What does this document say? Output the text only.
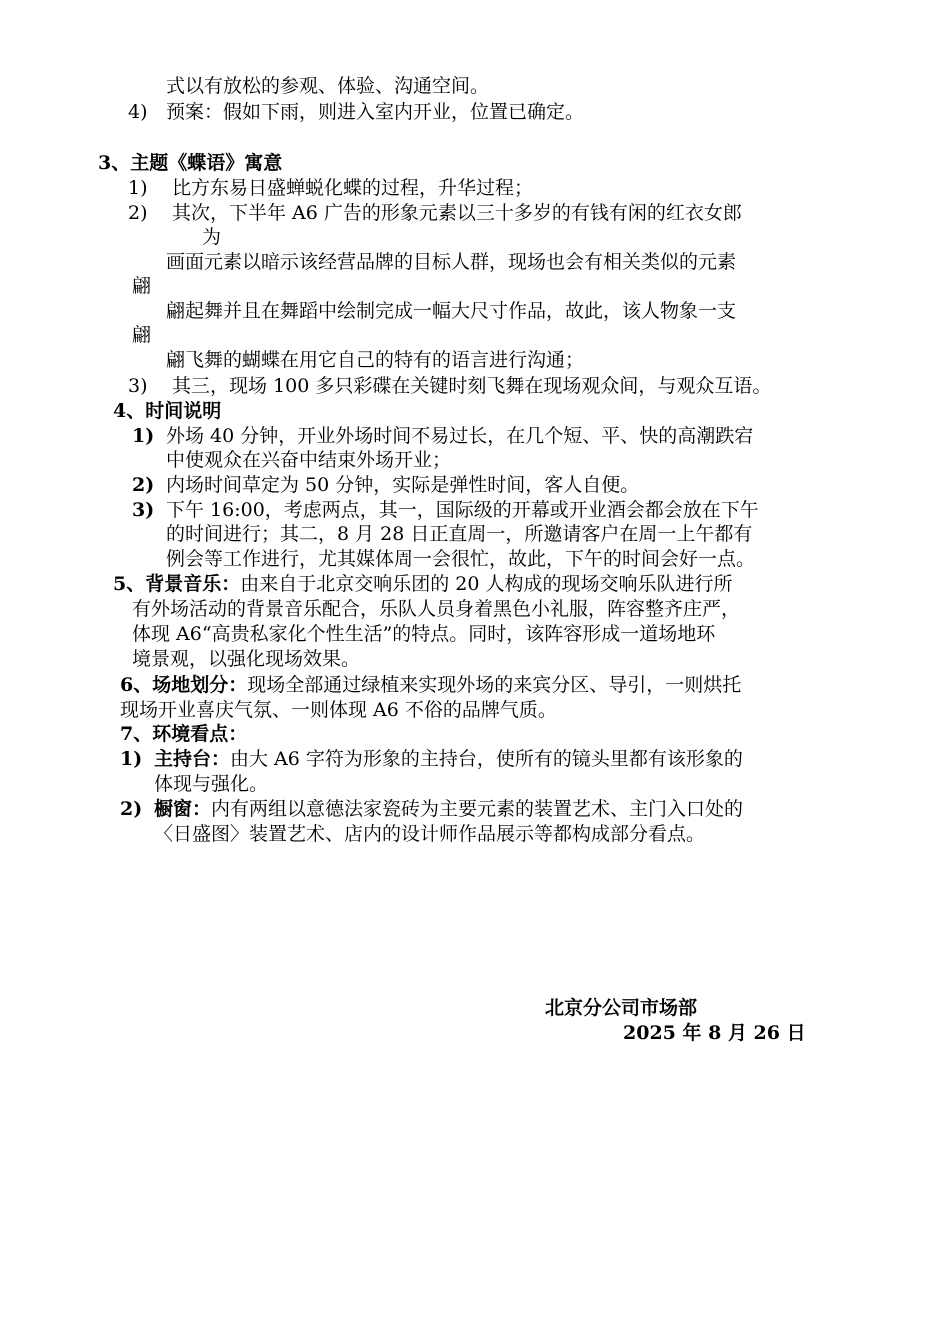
式以有放松的参观、体验、沟通空间。
4) 预案：假如下雨，则进入室内开业，位置已确定。
3、主题《蝶语》寓意
1) 比方东易日盛蝉蜕化蝶的过程，升华过程；
2) 其次，下半年 A6 广告的形象元素以三十多岁的有钱有闲的红衣女郎
为
画面元素以暗示该经营品牌的目标人群，现场也会有相关类似的元素
翩
翩起舞并且在舞蹈中绘制完成一幅大尺寸作品，故此，该人物象一支
翩
翩飞舞的蝴蝶在用它自己的特有的语言进行沟通；
3) 其三，现场 100 多只彩碟在关键时刻飞舞在现场观众间，与观众互语。
4、时间说明
1) 外场 40 分钟，开业外场时间不易过长，在几个短、平、快的高潮跌宕
中使观众在兴奋中结束外场开业；
2) 内场时间草定为 50 分钟，实际是弹性时间，客人自便。
3) 下午 16:00，考虑两点，其一，国际级的开幕或开业酒会都会放在下午
的时间进行；其二，8 月 28 日正直周一，所邀请客户在周一上午都有
例会等工作进行，尤其媒体周一会很忙，故此，下午的时间会好一点。
5、背景音乐：由来自于北京交响乐团的 20 人构成的现场交响乐队进行所
有外场活动的背景音乐配合，乐队人员身着黑色小礼服，阵容整齐庄严，
体现 A6“高贵私家化个性生活”的特点。同时，该阵容形成一道场地环
境景观，以强化现场效果。
6、场地划分：现场全部通过绿植来实现外场的来宾分区、导引，一则烘托
现场开业喜庆气氛、一则体现 A6 不俗的品牌气质。
7、环境看点：
1) 主持台：由大 A6 字符为形象的主持台，使所有的镜头里都有该形象的
体现与强化。
2) 橱窗：内有两组以意德法家瓷砖为主要元素的装置艺术、主门入口处的
〈日盛图〉装置艺术、店内的设计师作品展示等都构成部分看点。
北京分公司市场部
2025 年 8 月 26 日
